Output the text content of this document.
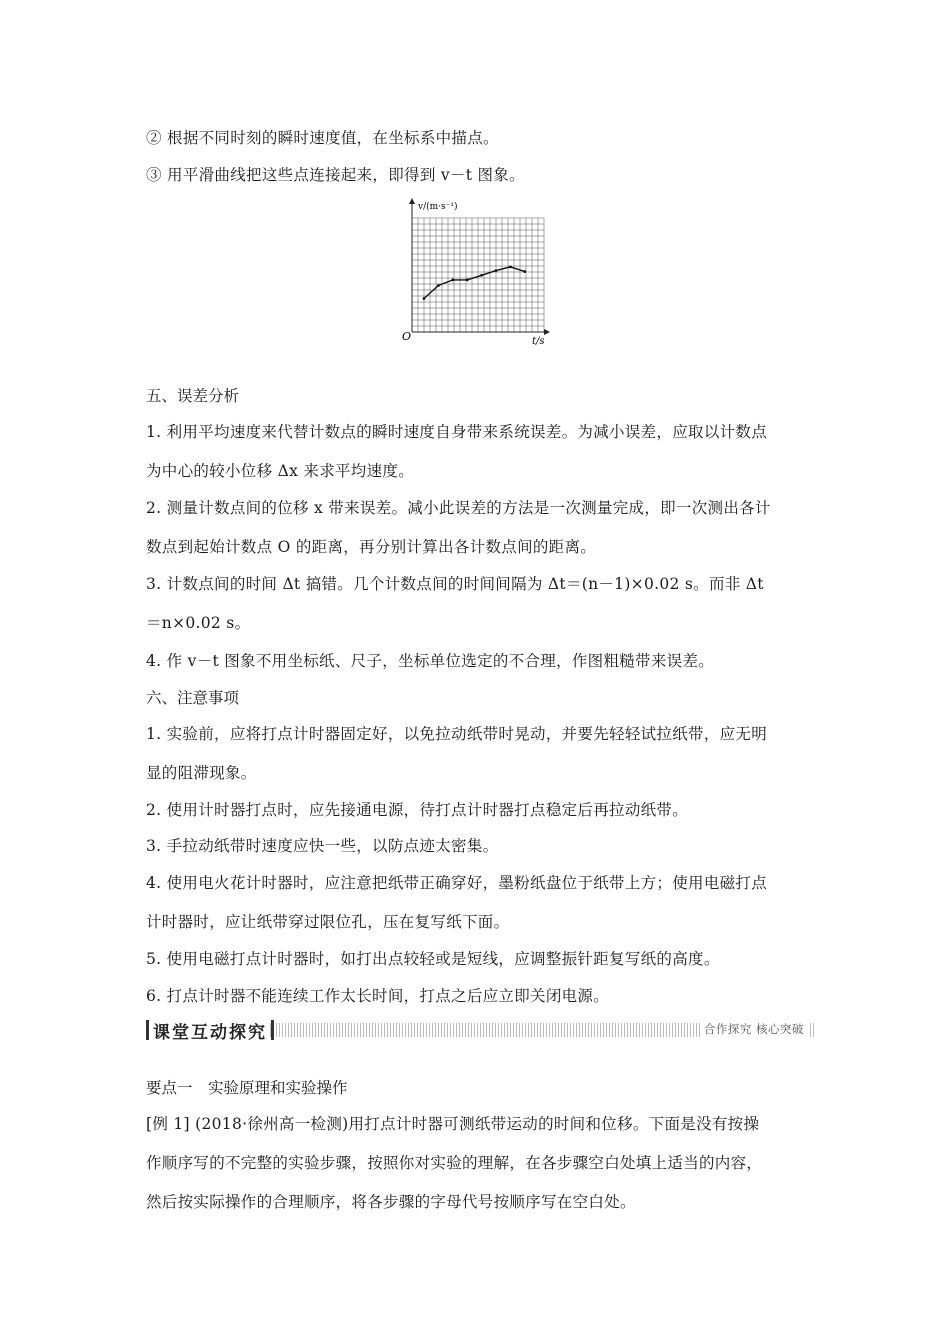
② 根据不同时刻的瞬时速度值，在坐标系中描点。
③ 用平滑曲线把这些点连接起来，即得到 v－t 图象。
v/(m·s⁻¹)
t/s
O
五、误差分析
1. 利用平均速度来代替计数点的瞬时速度自身带来系统误差。为减小误差，应取以计数点
为中心的较小位移 Δx 来求平均速度。
2. 测量计数点间的位移 x 带来误差。减小此误差的方法是一次测量完成，即一次测出各计
数点到起始计数点 O 的距离，再分别计算出各计数点间的距离。
3. 计数点间的时间 Δt 搞错。几个计数点间的时间间隔为 Δt＝(n－1)×0.02 s。而非 Δt
＝n×0.02 s。
4. 作 v－t 图象不用坐标纸、尺子，坐标单位选定的不合理，作图粗糙带来误差。
六、注意事项
1. 实验前，应将打点计时器固定好，以免拉动纸带时晃动，并要先轻轻试拉纸带，应无明
显的阻滞现象。
2. 使用计时器打点时，应先接通电源，待打点计时器打点稳定后再拉动纸带。
3. 手拉动纸带时速度应快一些，以防点迹太密集。
4. 使用电火花计时器时，应注意把纸带正确穿好，墨粉纸盘位于纸带上方；使用电磁打点
计时器时，应让纸带穿过限位孔，压在复写纸下面。
5. 使用电磁打点计时器时，如打出点较轻或是短线，应调整振针距复写纸的高度。
6. 打点计时器不能连续工作太长时间，打点之后应立即关闭电源。
课堂互动探究	合作探究 核心突破
要点一　实验原理和实验操作
[例 1] (2018·徐州高一检测)用打点计时器可测纸带运动的时间和位移。下面是没有按操
作顺序写的不完整的实验步骤，按照你对实验的理解，在各步骤空白处填上适当的内容，
然后按实际操作的合理顺序，将各步骤的字母代号按顺序写在空白处。
